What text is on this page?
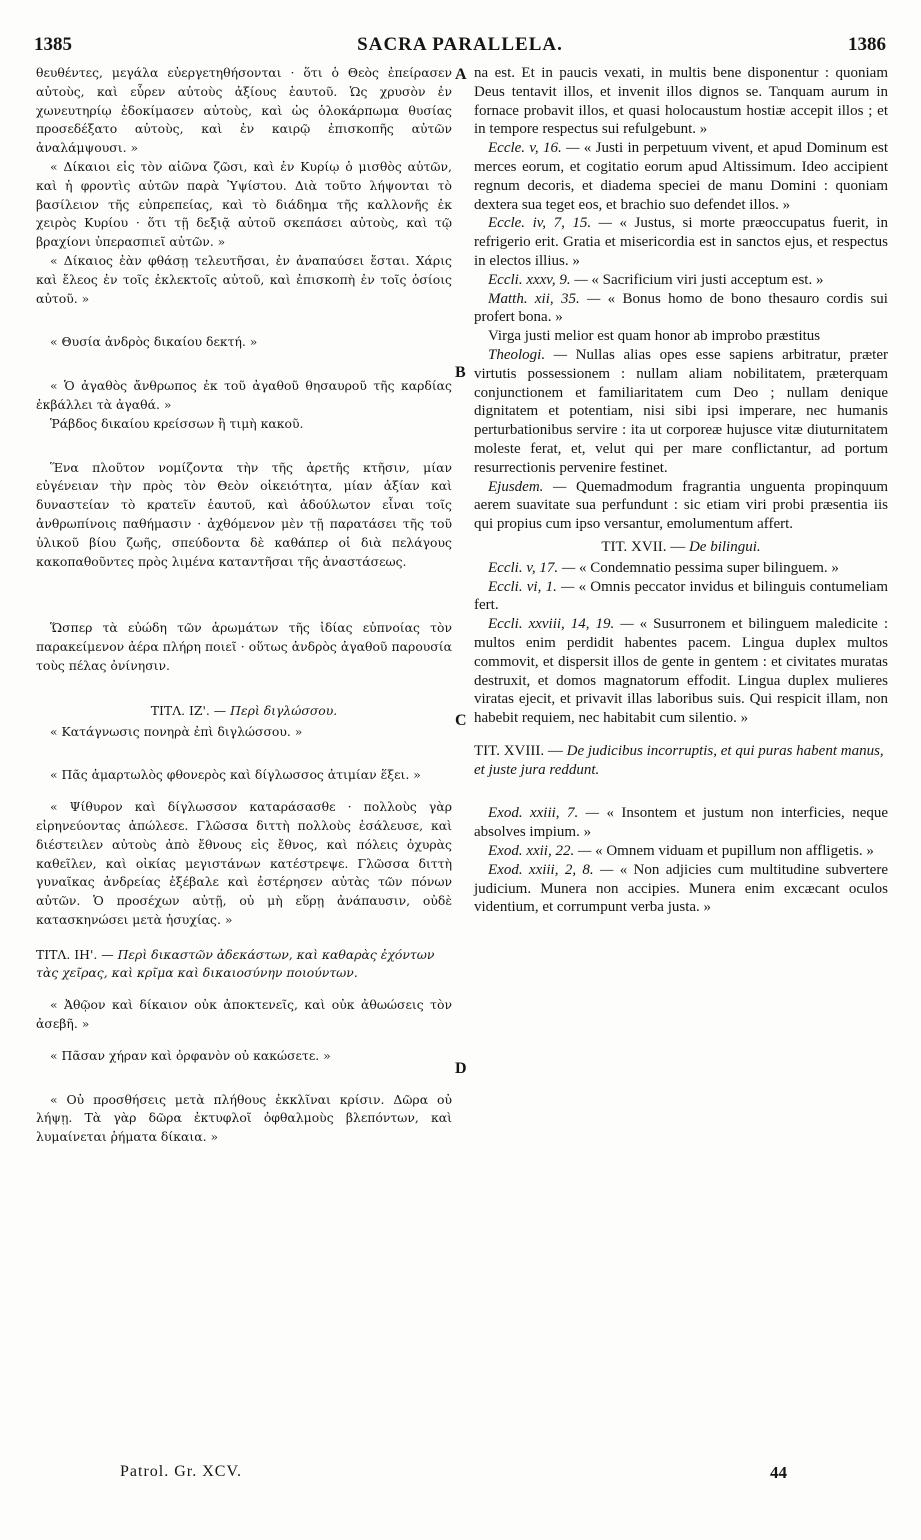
1385	SACRA PARALLELA.	1386

θευθέντες, μεγάλα εὐεργετηθήσονται · ὅτι ὁ Θεὸς ἐπείρασεν αὐτοὺς, καὶ εὗρεν αὐτοὺς ἀξίους ἑαυτοῦ. Ὡς χρυσὸν ἐν χωνευτηρίῳ ἐδοκίμασεν αὐτοὺς, καὶ ὡς ὁλοκάρπωμα θυσίας προσεδέξατο αὐτοὺς, καὶ ἐν καιρῷ ἐπισκοπῆς αὐτῶν ἀναλάμψουσι. »

« Δίκαιοι εἰς τὸν αἰῶνα ζῶσι, καὶ ἐν Κυρίῳ ὁ μισθὸς αὐτῶν, καὶ ἡ φροντὶς αὐτῶν παρὰ Ὑψίστου. Διὰ τοῦτο λήψονται τὸ βασίλειον τῆς εὐπρεπείας, καὶ τὸ διάδημα τῆς καλλονῆς ἐκ χειρὸς Κυρίου · ὅτι τῇ δεξιᾷ αὐτοῦ σκεπάσει αὐτοὺς, καὶ τῷ βραχίονι ὑπερασπιεῖ αὐτῶν. »

« Δίκαιος ἐὰν φθάσῃ τελευτῆσαι, ἐν ἀναπαύσει ἔσται. Χάρις καὶ ἔλεος ἐν τοῖς ἐκλεκτοῖς αὐτοῦ, καὶ ἐπισκοπὴ ἐν τοῖς ὁσίοις αὐτοῦ. »

« Θυσία ἀνδρὸς δικαίου δεκτή. »

« Ὁ ἀγαθὸς ἄνθρωπος ἐκ τοῦ ἀγαθοῦ θησαυροῦ τῆς καρδίας ἐκβάλλει τὰ ἀγαθά. »

Ῥάβδος δικαίου κρείσσων ἢ τιμὴ κακοῦ.

Ἕνα πλοῦτον νομίζοντα τὴν τῆς ἀρετῆς κτῆσιν, μίαν εὐγένειαν τὴν πρὸς τὸν Θεὸν οἰκειότητα, μίαν ἀξίαν καὶ δυναστείαν τὸ κρατεῖν ἑαυτοῦ, καὶ ἀδούλωτον εἶναι τοῖς ἀνθρωπίνοις παθήμασιν · ἀχθόμενον μὲν τῇ παρατάσει τῆς τοῦ ὑλικοῦ βίου ζωῆς, σπεύδοντα δὲ καθάπερ οἱ διὰ πελάγους κακοπαθοῦντες πρὸς λιμένα καταντῆσαι τῆς ἀναστάσεως.

Ὥσπερ τὰ εὐώδη τῶν ἀρωμάτων τῆς ἰδίας εὐπνοίας τὸν παρακείμενον ἀέρα πλήρη ποιεῖ · οὕτως ἀνδρὸς ἀγαθοῦ παρουσία τοὺς πέλας ὀνίνησιν.

ΤΙΤΛ. ΙΖ'. — Περὶ διγλώσσου.

« Κατάγνωσις πονηρὰ ἐπὶ διγλώσσου. »

« Πᾶς ἁμαρτωλὸς φθονερὸς καὶ δίγλωσσος ἀτιμίαν ἕξει. »

« Ψίθυρον καὶ δίγλωσσον καταράσασθε · πολλοὺς γὰρ εἰρηνεύοντας ἀπώλεσε. Γλῶσσα διττὴ πολλοὺς ἐσάλευσε, καὶ διέστειλεν αὐτοὺς ἀπὸ ἔθνους εἰς ἔθνος, καὶ πόλεις ὀχυρὰς καθεῖλεν, καὶ οἰκίας μεγιστάνων κατέστρεψε. Γλῶσσα διττὴ γυναῖκας ἀνδρείας ἐξέβαλε καὶ ἐστέρησεν αὐτὰς τῶν πόνων αὐτῶν. Ὁ προσέχων αὐτῇ, οὐ μὴ εὕρῃ ἀνάπαυσιν, οὐδὲ κατασκηνώσει μετὰ ἡσυχίας. »

ΤΙΤΛ. ΙΗ'. — Περὶ δικαστῶν ἀδεκάστων, καὶ καθαρὰς ἐχόντων τὰς χεῖρας, καὶ κρῖμα καὶ δικαιοσύνην ποιούντων.

« Ἀθῷον καὶ δίκαιον οὐκ ἀποκτενεῖς, καὶ οὐκ ἀθωώσεις τὸν ἀσεβῆ. »

« Πᾶσαν χήραν καὶ ὀρφανὸν οὐ κακώσετε. »

« Οὐ προσθήσεις μετὰ πλήθους ἐκκλῖναι κρίσιν. Δῶρα οὐ λήψῃ. Τὰ γὰρ δῶρα ἐκτυφλοῖ ὀφθαλμοὺς βλεπόντων, καὶ λυμαίνεται ῥήματα δίκαια. »

A
B
C
D

na est. Et in paucis vexati, in multis bene disponentur : quoniam Deus tentavit illos, et invenit illos dignos se. Tanquam aurum in fornace probavit illos, et quasi holocaustum hostiæ accepit illos ; et in tempore respectus sui refulgebunt. »

Eccle. v, 16. — « Justi in perpetuum vivent, et apud Dominum est merces eorum, et cogitatio eorum apud Altissimum. Ideo accipient regnum decoris, et diadema speciei de manu Domini : quoniam dextera sua teget eos, et brachio suo defendet illos. »

Eccle. iv, 7, 15. — « Justus, si morte præoccupatus fuerit, in refrigerio erit. Gratia et misericordia est in sanctos ejus, et respectus in electos illius. »

Eccli. xxxv, 9. — « Sacrificium viri justi acceptum est. »

Matth. xii, 35. — « Bonus homo de bono thesauro cordis sui profert bona. »

Virga justi melior est quam honor ab improbo præstitus

Theologi. — Nullas alias opes esse sapiens arbitratur, præter virtutis possessionem : nullam aliam nobilitatem, præterquam conjunctionem et familiaritatem cum Deo ; nullam denique dignitatem et potentiam, nisi sibi ipsi imperare, nec humanis perturbationibus servire : ita ut corporeæ hujusce vitæ diuturnitatem moleste ferat, et, velut qui per mare conflictantur, ad portum resurrectionis pervenire festinet.

Ejusdem. — Quemadmodum fragrantia unguenta propinquum aerem suavitate sua perfundunt : sic etiam viri probi præsentia iis qui propius cum ipso versantur, emolumentum affert.

TIT. XVII. — De bilingui.

Eccli. v, 17. — « Condemnatio pessima super bilinguem. »

Eccli. vi, 1. — « Omnis peccator invidus et bilinguis contumeliam fert.

Eccli. xxviii, 14, 19. — « Susurronem et bilinguem maledicite : multos enim perdidit habentes pacem. Lingua duplex multos commovit, et dispersit illos de gente in gentem : et civitates muratas destruxit, et domos magnatorum effodit. Lingua duplex mulieres viratas ejecit, et privavit illas laboribus suis. Qui respicit illam, non habebit requiem, nec habitabit cum silentio. »

TIT. XVIII. — De judicibus incorruptis, et qui puras habent manus, et juste jura reddunt.

Exod. xxiii, 7. — « Insontem et justum non interficies, neque absolves impium. »

Exod. xxii, 22. — « Omnem viduam et pupillum non affligetis. »

Exod. xxiii, 2, 8. — « Non adjicies cum multitudine subvertere judicium. Munera non accipies. Munera enim excæcant oculos videntium, et corrumpunt verba justa. »

Patrol. Gr. XCV.	44
